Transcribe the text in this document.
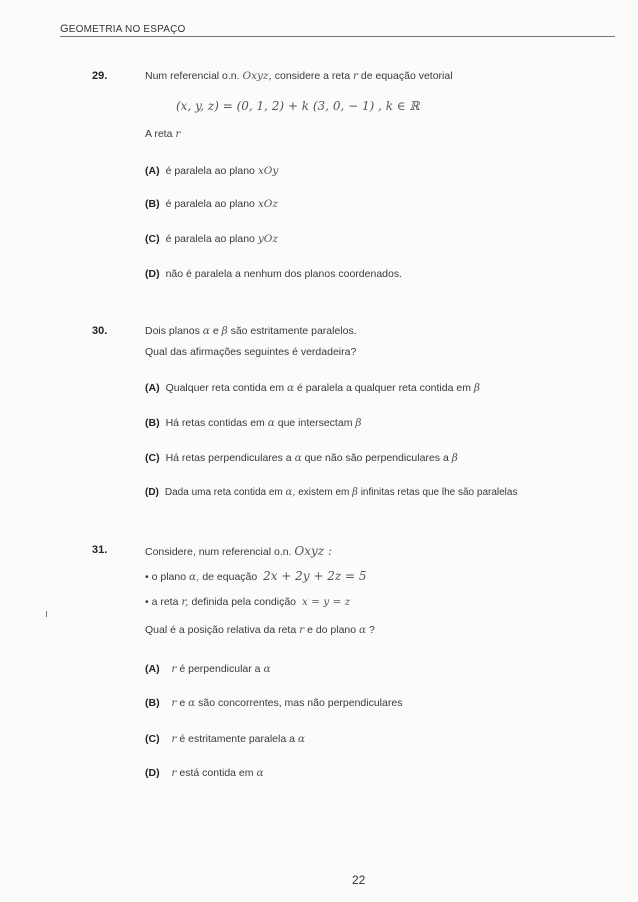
GEOMETRIA NO ESPAÇO
29.	Num referencial o.n. Oxyz, considere a reta r de equação vetorial
(x, y, z) = (0, 1, 2) + k (3, 0, − 1) , k ∈ ℝ
A reta r
(A) é paralela ao plano xOy
(B) é paralela ao plano xOz
(C) é paralela ao plano yOz
(D) não é paralela a nenhum dos planos coordenados.
30.	Dois planos α e β são estritamente paralelos.
Qual das afirmações seguintes é verdadeira?
(A) Qualquer reta contida em α é paralela a qualquer reta contida em β
(B) Há retas contidas em α que intersectam β
(C) Há retas perpendiculares a α que não são perpendiculares a β
(D) Dada uma reta contida em α, existem em β infinitas retas que lhe são paralelas
31.	Considere, num referencial o.n. Oxyz :
• o plano α, de equação 2x + 2y + 2z = 5
• a reta r, definida pela condição x = y = z
Qual é a posição relativa da reta r e do plano α ?
(A) r é perpendicular a α
(B) r e α são concorrentes, mas não perpendiculares
(C) r é estritamente paralela a α
(D) r está contida em α
22
